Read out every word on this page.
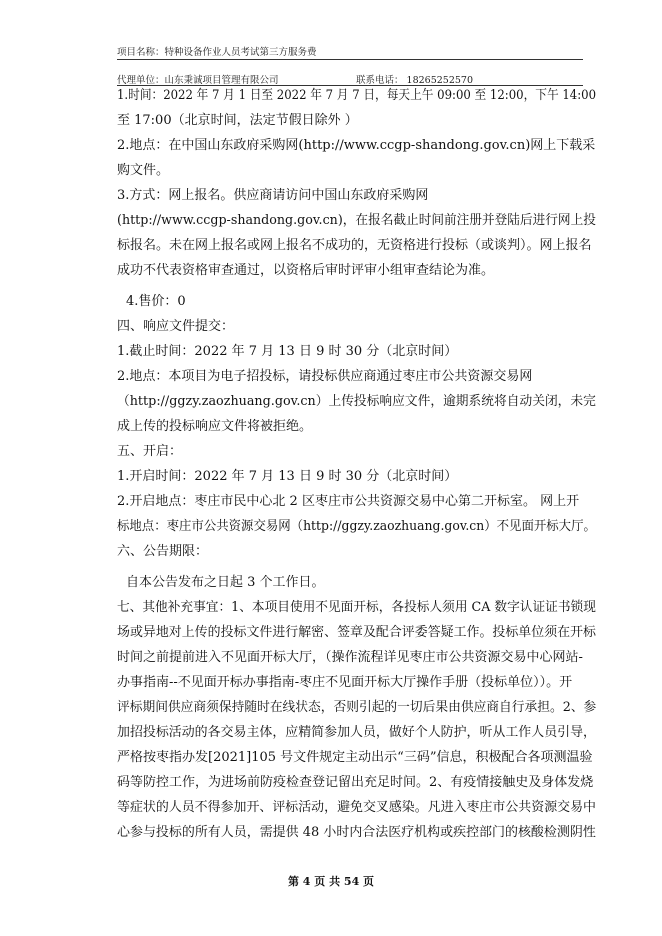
项目名称：特种设备作业人员考试第三方服务费
代理单位：山东秉诚项目管理有限公司	联系电话： 18265252570
1.时间：2022 年 7 月 1 日至 2022 年 7 月 7 日，每天上午 09:00 至 12:00，下午 14:00
至 17:00（北京时间，法定节假日除外 ）
2.地点：在中国山东政府采购网(http://www.ccgp-shandong.gov.cn)网上下载采
购文件。
3.方式：网上报名。供应商请访问中国山东政府采购网
(http://www.ccgp-shandong.gov.cn)，在报名截止时间前注册并登陆后进行网上投
标报名。未在网上报名或网上报名不成功的，无资格进行投标（或谈判）。网上报名
成功不代表资格审查通过，以资格后审时评审小组审查结论为准。
4.售价：0
四、响应文件提交：
1.截止时间：2022 年 7 月 13 日 9 时 30 分（北京时间）
2.地点：本项目为电子招投标，请投标供应商通过枣庄市公共资源交易网
（http://ggzy.zaozhuang.gov.cn）上传投标响应文件，逾期系统将自动关闭，未完
成上传的投标响应文件将被拒绝。
五、开启：
1.开启时间：2022 年 7 月 13 日 9 时 30 分（北京时间）
2.开启地点：枣庄市民中心北 2 区枣庄市公共资源交易中心第二开标室。 网上开
标地点：枣庄市公共资源交易网（http://ggzy.zaozhuang.gov.cn）不见面开标大厅。
六、公告期限：
自本公告发布之日起 3 个工作日。
七、其他补充事宜：1、本项目使用不见面开标，各投标人须用 CA 数字认证证书锁现
场或异地对上传的投标文件进行解密、签章及配合评委答疑工作。投标单位须在开标
时间之前提前进入不见面开标大厅，（操作流程详见枣庄市公共资源交易中心网站-
办事指南--不见面开标办事指南-枣庄不见面开标大厅操作手册（投标单位））。开
评标期间供应商须保持随时在线状态，否则引起的一切后果由供应商自行承担。2、参
加招投标活动的各交易主体，应精简参加人员，做好个人防护，听从工作人员引导，
严格按枣指办发[2021]105 号文件规定主动出示“三码”信息，积极配合各项测温验
码等防控工作，为进场前防疫检查登记留出充足时间。2、有疫情接触史及身体发烧
等症状的人员不得参加开、评标活动，避免交叉感染。凡进入枣庄市公共资源交易中
心参与投标的所有人员，需提供 48 小时内合法医疗机构或疾控部门的核酸检测阴性
第 4 页 共 54 页
